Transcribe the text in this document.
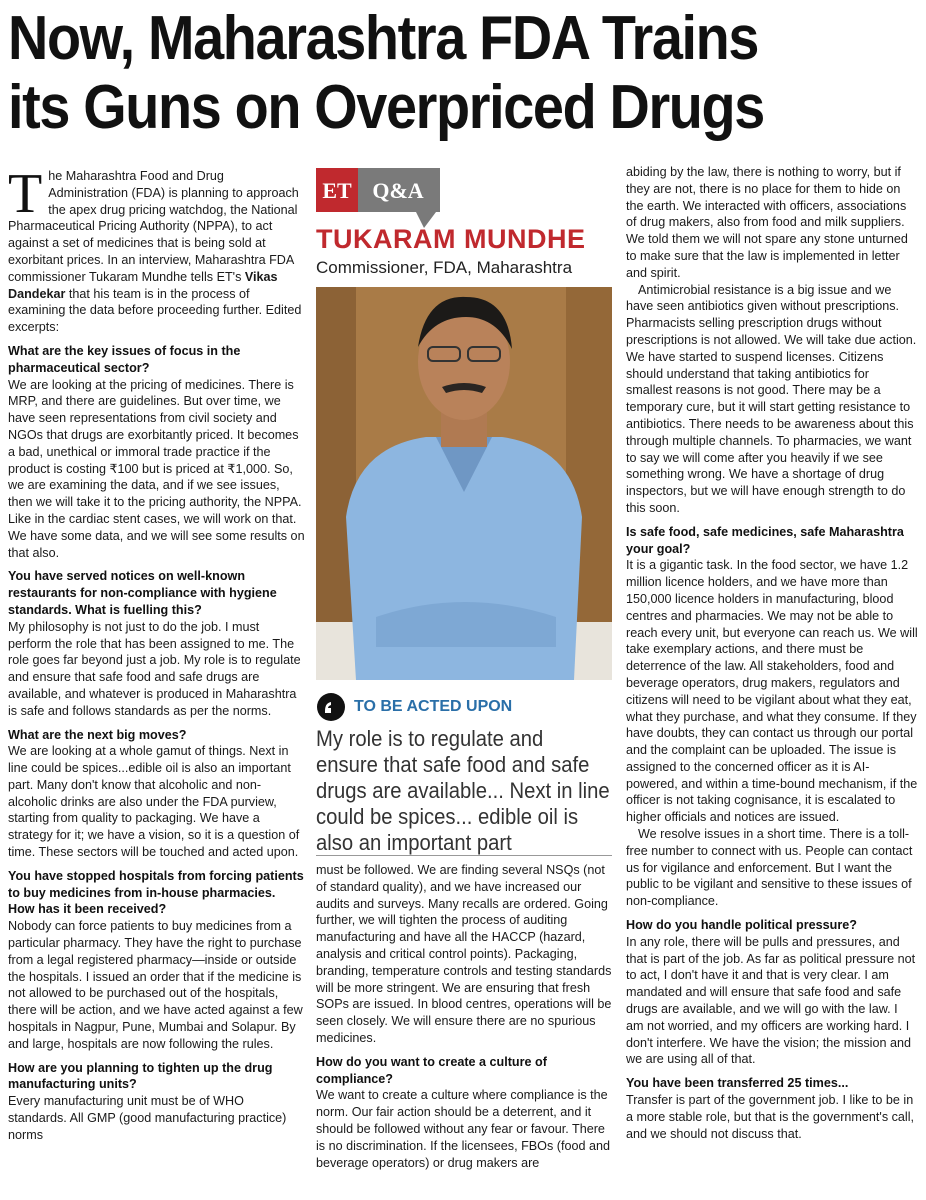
Now, Maharashtra FDA Trains
its Guns on Overpriced Drugs

The Maharashtra Food and Drug Administration (FDA) is planning to approach the apex drug pricing watchdog, the National Pharmaceutical Pricing Authority (NPPA), to act against a set of medicines that is being sold at exorbitant prices. In an interview, Maharashtra FDA commissioner Tukaram Mundhe tells ET's Vikas Dandekar that his team is in the process of examining the data before proceeding further. Edited excerpts:

What are the key issues of focus in the pharmaceutical sector?

We are looking at the pricing of medicines. There is MRP, and there are guidelines. But over time, we have seen representations from civil society and NGOs that drugs are exorbitantly priced. It becomes a bad, unethical or immoral trade practice if the product is costing ₹100 but is priced at ₹1,000. So, we are examining the data, and if we see issues, then we will take it to the pricing authority, the NPPA. Like in the cardiac stent cases, we will work on that. We have some data, and we will see some results on that also.

You have served notices on well-known restaurants for non-compliance with hygiene standards. What is fuelling this?

My philosophy is not just to do the job. I must perform the role that has been assigned to me. The role goes far beyond just a job. My role is to regulate and ensure that safe food and safe drugs are available, and whatever is produced in Maharashtra is safe and follows standards as per the norms.

What are the next big moves?

We are looking at a whole gamut of things. Next in line could be spices...edible oil is also an important part. Many don't know that alcoholic and non-alcoholic drinks are also under the FDA purview, starting from quality to packaging. We have a strategy for it; we have a vision, so it is a question of time. These sectors will be touched and acted upon.

You have stopped hospitals from forcing patients to buy medicines from in-house pharmacies. How has it been received?

Nobody can force patients to buy medicines from a particular pharmacy. They have the right to purchase from a legal registered pharmacy—inside or outside the hospitals. I issued an order that if the medicine is not allowed to be purchased out of the hospitals, there will be action, and we have acted against a few hospitals in Nagpur, Pune, Mumbai and Solapur. By and large, hospitals are now following the rules.

How are you planning to tighten up the drug manufacturing units?

Every manufacturing unit must be of WHO standards. All GMP (good manufacturing practice) norms

ET Q&A

TUKARAM MUNDHE

Commissioner, FDA, Maharashtra

TO BE ACTED UPON

My role is to regulate and ensure that safe food and safe drugs are available... Next in line could be spices... edible oil is also an important part

must be followed. We are finding several NSQs (not of standard quality), and we have increased our audits and surveys. Many recalls are ordered. Going further, we will tighten the process of auditing manufacturing and have all the HACCP (hazard, analysis and critical control points). Packaging, branding, temperature controls and testing standards will be more stringent. We are ensuring that fresh SOPs are issued. In blood centres, operations will be seen closely. We will ensure there are no spurious medicines.

How do you want to create a culture of compliance?

We want to create a culture where compliance is the norm. Our fair action should be a deterrent, and it should be followed without any fear or favour. There is no discrimination. If the licensees, FBOs (food and beverage operators) or drug makers are

abiding by the law, there is nothing to worry, but if they are not, there is no place for them to hide on the earth. We interacted with officers, associations of drug makers, also from food and milk suppliers. We told them we will not spare any stone unturned to make sure that the law is implemented in letter and spirit.

Antimicrobial resistance is a big issue and we have seen antibiotics given without prescriptions. Pharmacists selling prescription drugs without prescriptions is not allowed. We will take due action. We have started to suspend licenses. Citizens should understand that taking antibiotics for smallest reasons is not good. There may be a temporary cure, but it will start getting resistance to antibiotics. There needs to be awareness about this through multiple channels. To pharmacies, we want to say we will come after you heavily if we see something wrong. We have a shortage of drug inspectors, but we will have enough strength to do this soon.

Is safe food, safe medicines, safe Maharashtra your goal?

It is a gigantic task. In the food sector, we have 1.2 million licence holders, and we have more than 150,000 licence holders in manufacturing, blood centres and pharmacies. We may not be able to reach every unit, but everyone can reach us. We will take exemplary actions, and there must be deterrence of the law. All stakeholders, food and beverage operators, drug makers, regulators and citizens will need to be vigilant about what they eat, what they purchase, and what they consume. If they have doubts, they can contact us through our portal and the complaint can be uploaded. The issue is assigned to the concerned officer as it is AI-powered, and within a time-bound mechanism, if the officer is not taking cognisance, it is escalated to higher officials and notices are issued.

We resolve issues in a short time. There is a toll-free number to connect with us. People can contact us for vigilance and enforcement. But I want the public to be vigilant and sensitive to these issues of non-compliance.

How do you handle political pressure?

In any role, there will be pulls and pressures, and that is part of the job. As far as political pressure not to act, I don't have it and that is very clear. I am mandated and will ensure that safe food and safe drugs are available, and we will go with the law. I am not worried, and my officers are working hard. I don't interfere. We have the vision; the mission and we are using all of that.

You have been transferred 25 times...

Transfer is part of the government job. I like to be in a more stable role, but that is the government's call, and we should not discuss that.
